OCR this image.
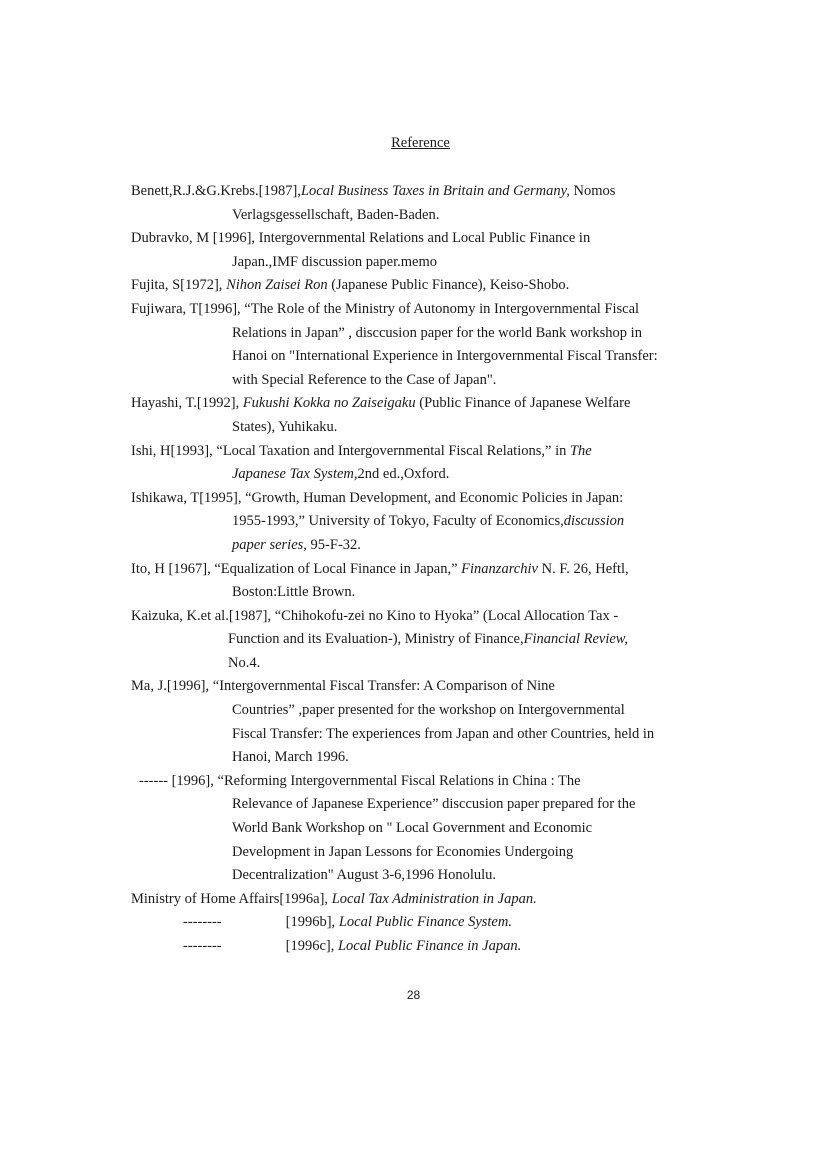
Reference
Benett,R.J.&G.Krebs.[1987],Local Business Taxes in Britain and Germany, Nomos
Verlagsgessellschaft, Baden-Baden.
Dubravko, M [1996], Intergovernmental Relations and Local Public Finance in
Japan.,IMF discussion paper.memo
Fujita, S[1972], Nihon Zaisei Ron (Japanese Public Finance), Keiso-Shobo.
Fujiwara, T[1996], “The Role of the Ministry of Autonomy in Intergovernmental Fiscal
Relations in Japan” , disccusion paper for the world Bank workshop in
Hanoi on "International Experience in Intergovernmental Fiscal Transfer:
with Special Reference to the Case of Japan".
Hayashi, T.[1992], Fukushi Kokka no Zaiseigaku (Public Finance of Japanese Welfare
States), Yuhikaku.
Ishi, H[1993], “Local Taxation and Intergovernmental Fiscal Relations,” in The
Japanese Tax System,2nd ed.,Oxford.
Ishikawa, T[1995], “Growth, Human Development, and Economic Policies in Japan:
1955-1993,” University of Tokyo, Faculty of Economics,discussion
paper series, 95-F-32.
Ito, H [1967], “Equalization of Local Finance in Japan,” Finanzarchiv N. F. 26, Heftl,
Boston:Little Brown.
Kaizuka, K.et al.[1987], “Chihokofu-zei no Kino to Hyoka” (Local Allocation Tax -
Function and its Evaluation-), Ministry of Finance,Financial Review,
No.4.
Ma, J.[1996], “Intergovernmental Fiscal Transfer: A Comparison of Nine
Countries” ,paper presented for the workshop on Intergovernmental
Fiscal Transfer: The experiences from Japan and other Countries, held in
Hanoi, March 1996.
------ [1996], “Reforming Intergovernmental Fiscal Relations in China : The
Relevance of Japanese Experience” disccusion paper prepared for the
World Bank Workshop on " Local Government and Economic
Development in Japan Lessons for Economies Undergoing
Decentralization" August 3-6,1996 Honolulu.
Ministry of Home Affairs[1996a], Local Tax Administration in Japan.
--------	[1996b], Local Public Finance System.
--------	[1996c], Local Public Finance in Japan.
28
